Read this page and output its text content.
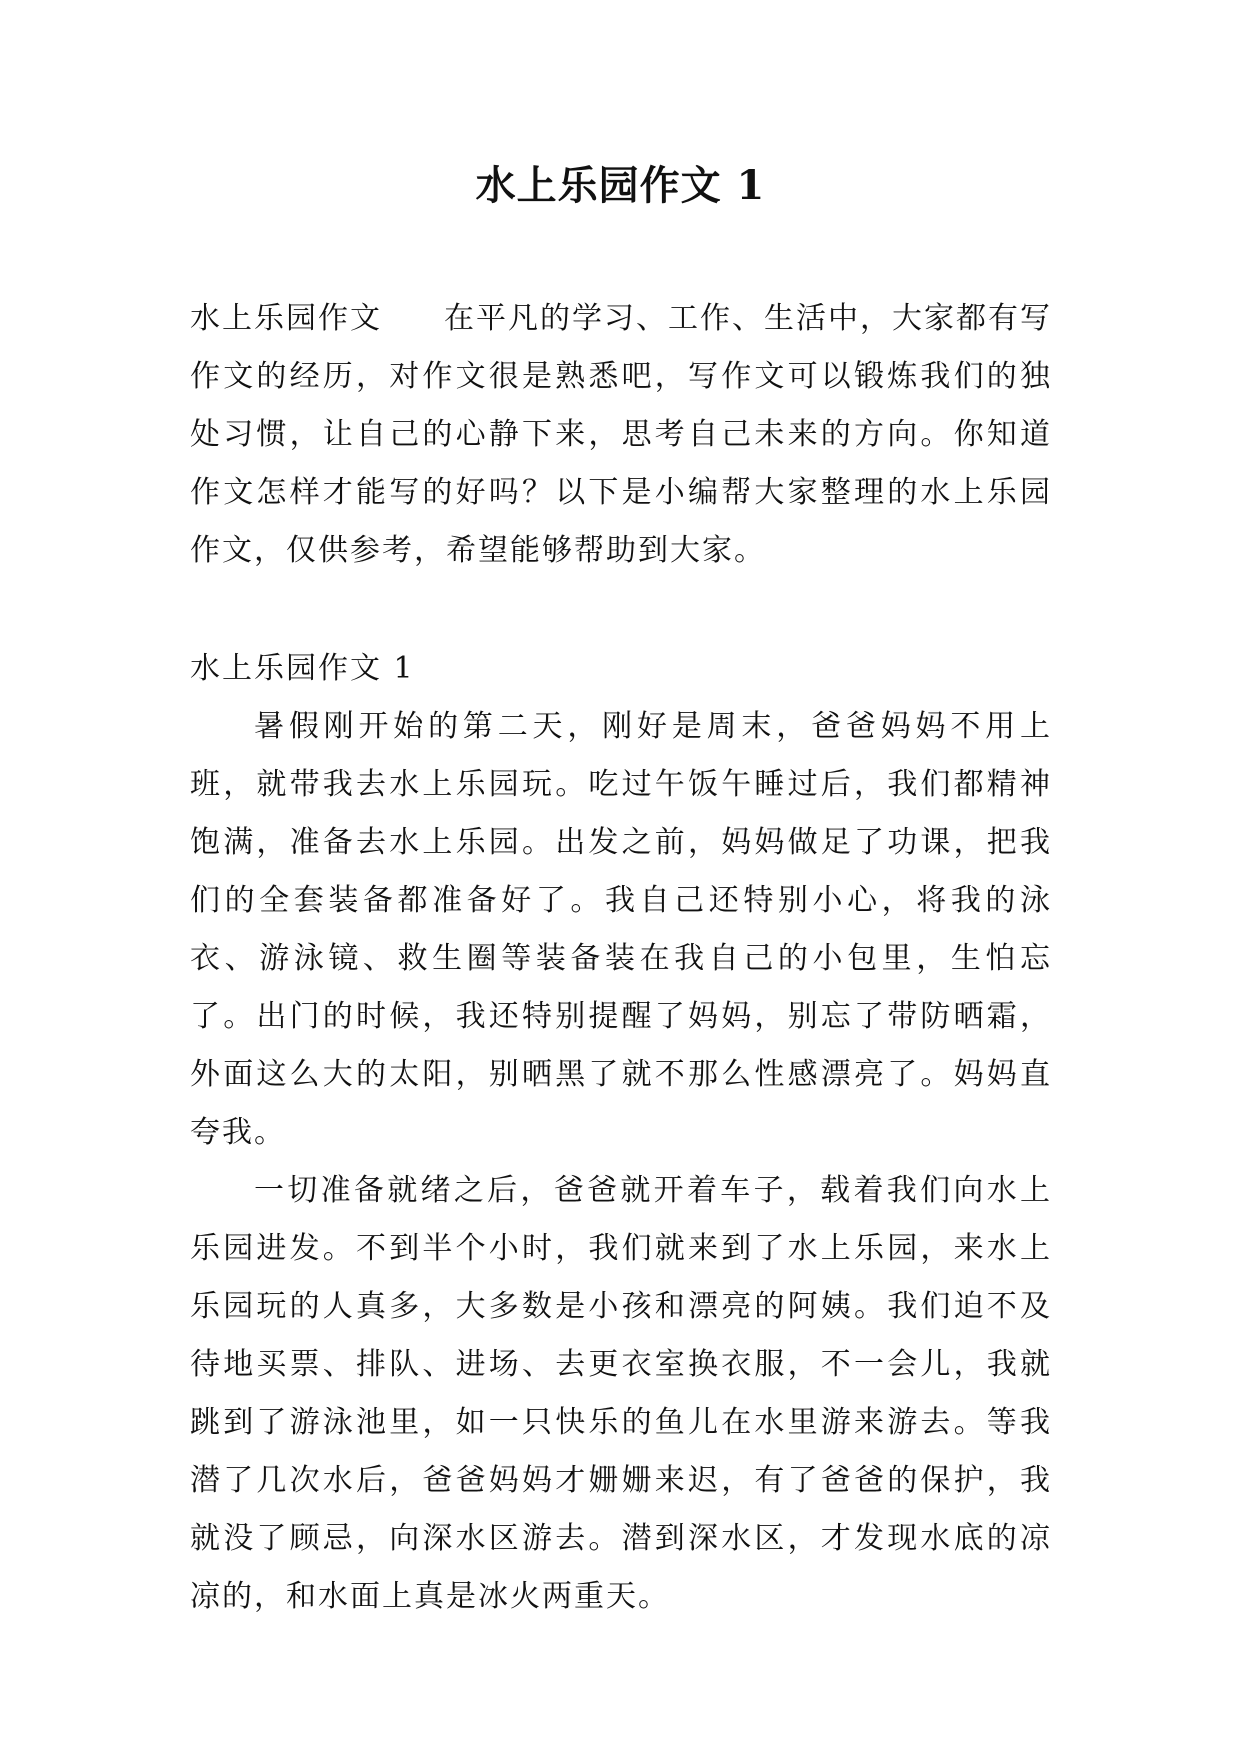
水上乐园作文 1

水上乐园作文 在平凡的学习、工作、生活中，大家都有写作文的经历，对作文很是熟悉吧，写作文可以锻炼我们的独处习惯，让自己的心静下来，思考自己未来的方向。你知道作文怎样才能写的好吗？以下是小编帮大家整理的水上乐园作文，仅供参考，希望能够帮助到大家。

水上乐园作文 1

暑假刚开始的第二天，刚好是周末，爸爸妈妈不用上班，就带我去水上乐园玩。吃过午饭午睡过后，我们都精神饱满，准备去水上乐园。出发之前，妈妈做足了功课，把我们的全套装备都准备好了。我自己还特别小心，将我的泳衣、游泳镜、救生圈等装备装在我自己的小包里，生怕忘了。出门的时候，我还特别提醒了妈妈，别忘了带防晒霜，外面这么大的太阳，别晒黑了就不那么性感漂亮了。妈妈直夸我。

一切准备就绪之后，爸爸就开着车子，载着我们向水上乐园进发。不到半个小时，我们就来到了水上乐园，来水上乐园玩的人真多，大多数是小孩和漂亮的阿姨。我们迫不及待地买票、排队、进场、去更衣室换衣服，不一会儿，我就跳到了游泳池里，如一只快乐的鱼儿在水里游来游去。等我潜了几次水后，爸爸妈妈才姗姗来迟，有了爸爸的保护，我就没了顾忌，向深水区游去。潜到深水区，才发现水底的凉凉的，和水面上真是冰火两重天。
